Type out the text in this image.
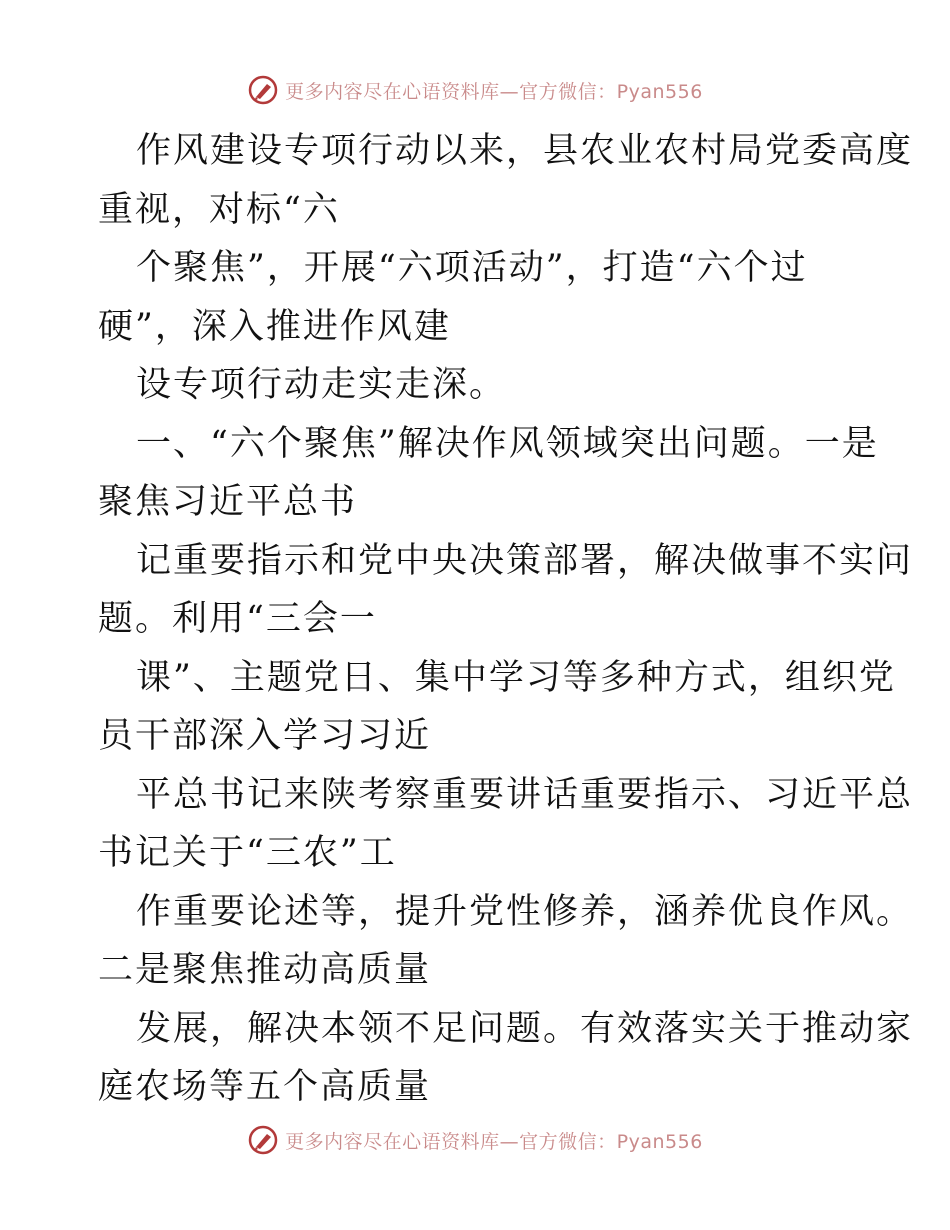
更多内容尽在心语资料库—官方微信：Pyan556
作风建设专项行动以来，县农业农村局党委高度
重视，对标“六
个聚焦”，开展“六项活动”，打造“六个过
硬”，深入推进作风建
设专项行动走实走深。
一、“六个聚焦”解决作风领域突出问题。一是
聚焦习近平总书
记重要指示和党中央决策部署，解决做事不实问
题。利用“三会一
课”、主题党日、集中学习等多种方式，组织党
员干部深入学习习近
平总书记来陕考察重要讲话重要指示、习近平总
书记关于“三农”工
作重要论述等，提升党性修养，涵养优良作风。
二是聚焦推动高质量
发展，解决本领不足问题。有效落实关于推动家
庭农场等五个高质量
更多内容尽在心语资料库—官方微信：Pyan556
